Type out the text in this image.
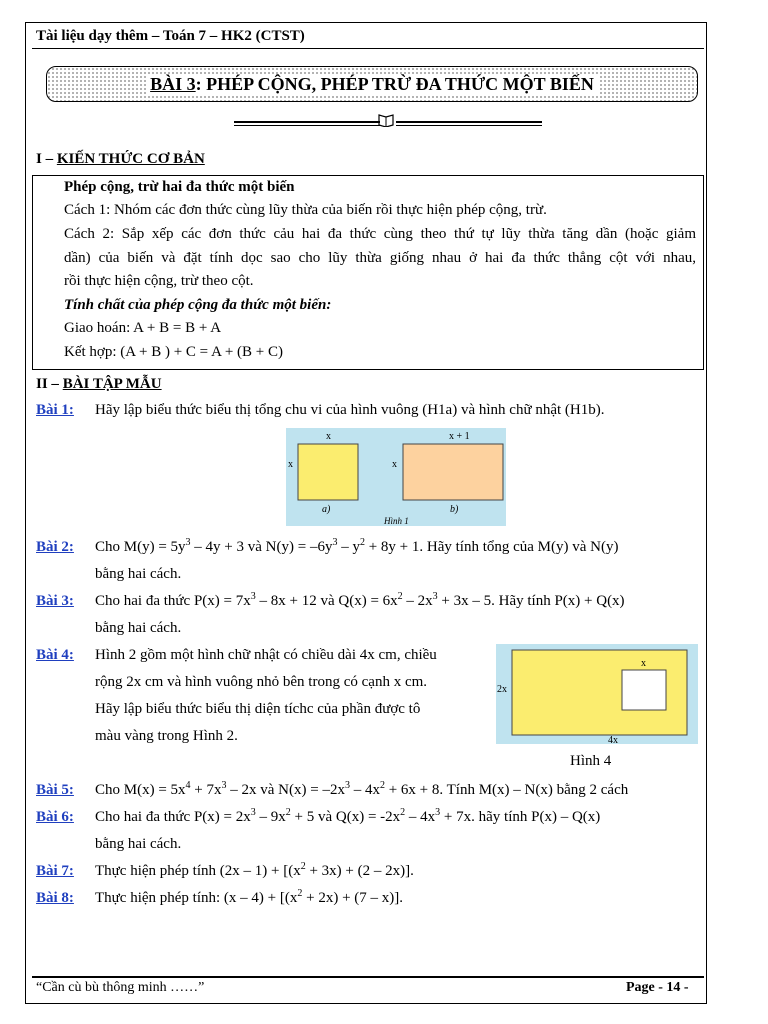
Tài liệu dạy thêm – Toán 7 – HK2 (CTST)
BÀI 3: PHÉP CỘNG, PHÉP TRỪ ĐA THỨC MỘT BIẾN
I – KIẾN THỨC CƠ BẢN
Phép cộng, trừ hai đa thức một biến
Cách 1: Nhóm các đơn thức cùng lũy thừa của biến rồi thực hiện phép cộng, trừ.
Cách 2: Sắp xếp các đơn thức cảu hai đa thức cùng theo thứ tự lũy thừa tăng dần (hoặc giảm
dần) của biến và đặt tính dọc sao cho lũy thừa giống nhau ở hai đa thức thẳng cột với nhau,
rồi thực hiện cộng, trừ theo cột.
Tính chất của phép cộng đa thức một biến:
Giao hoán: A + B = B + A
Kết hợp: (A + B ) + C = A + (B + C)
II – BÀI TẬP MẪU
Bài 1: Hãy lập biểu thức biểu thị tổng chu vi của hình vuông (H1a) và hình chữ nhật (H1b).
x
x
x + 1
x
a)	b)
Hình 1
Bài 2: Cho $M(y) = 5y^3 - 4y + 3$ và $N(y) = -6y^3 - y^2 + 8y + 1$. Hãy tính tổng của M(y) và N(y)
bằng hai cách.
Bài 3: Cho hai đa thức $P(x) = 7x^3 - 8x + 12$ và $Q(x) = 6x^2 - 2x^3 + 3x - 5$. Hãy tính P(x) + Q(x)
bằng hai cách.
Bài 4: Hình 2 gồm một hình chữ nhật có chiều dài 4x cm, chiều
rộng 2x cm và hình vuông nhỏ bên trong có cạnh x cm.
Hãy lập biểu thức biểu thị diện tíchc của phần được tô
màu vàng trong Hình 2.
x
2x
4x
Hình 4
Bài 5: Cho $M(x) = 5x^4 + 7x^3 - 2x$ và $N(x) = -2x^3 - 4x^2 + 6x + 8$. Tính M(x) – N(x) bằng 2 cách
Bài 6: Cho hai đa thức $P(x) = 2x^3 - 9x^2 + 5$ và $Q(x) = -2x^2 - 4x^3 + 7x$. hãy tính P(x) – Q(x)
bằng hai cách.
Bài 7: Thực hiện phép tính $(2x - 1) + [(x^2 + 3x) + (2 - 2x)]$.
Bài 8: Thực hiện phép tính: $(x - 4) + [(x^2 + 2x) + (7 - x)]$.
“Cần cù bù thông minh ……”	Page - 14 -
